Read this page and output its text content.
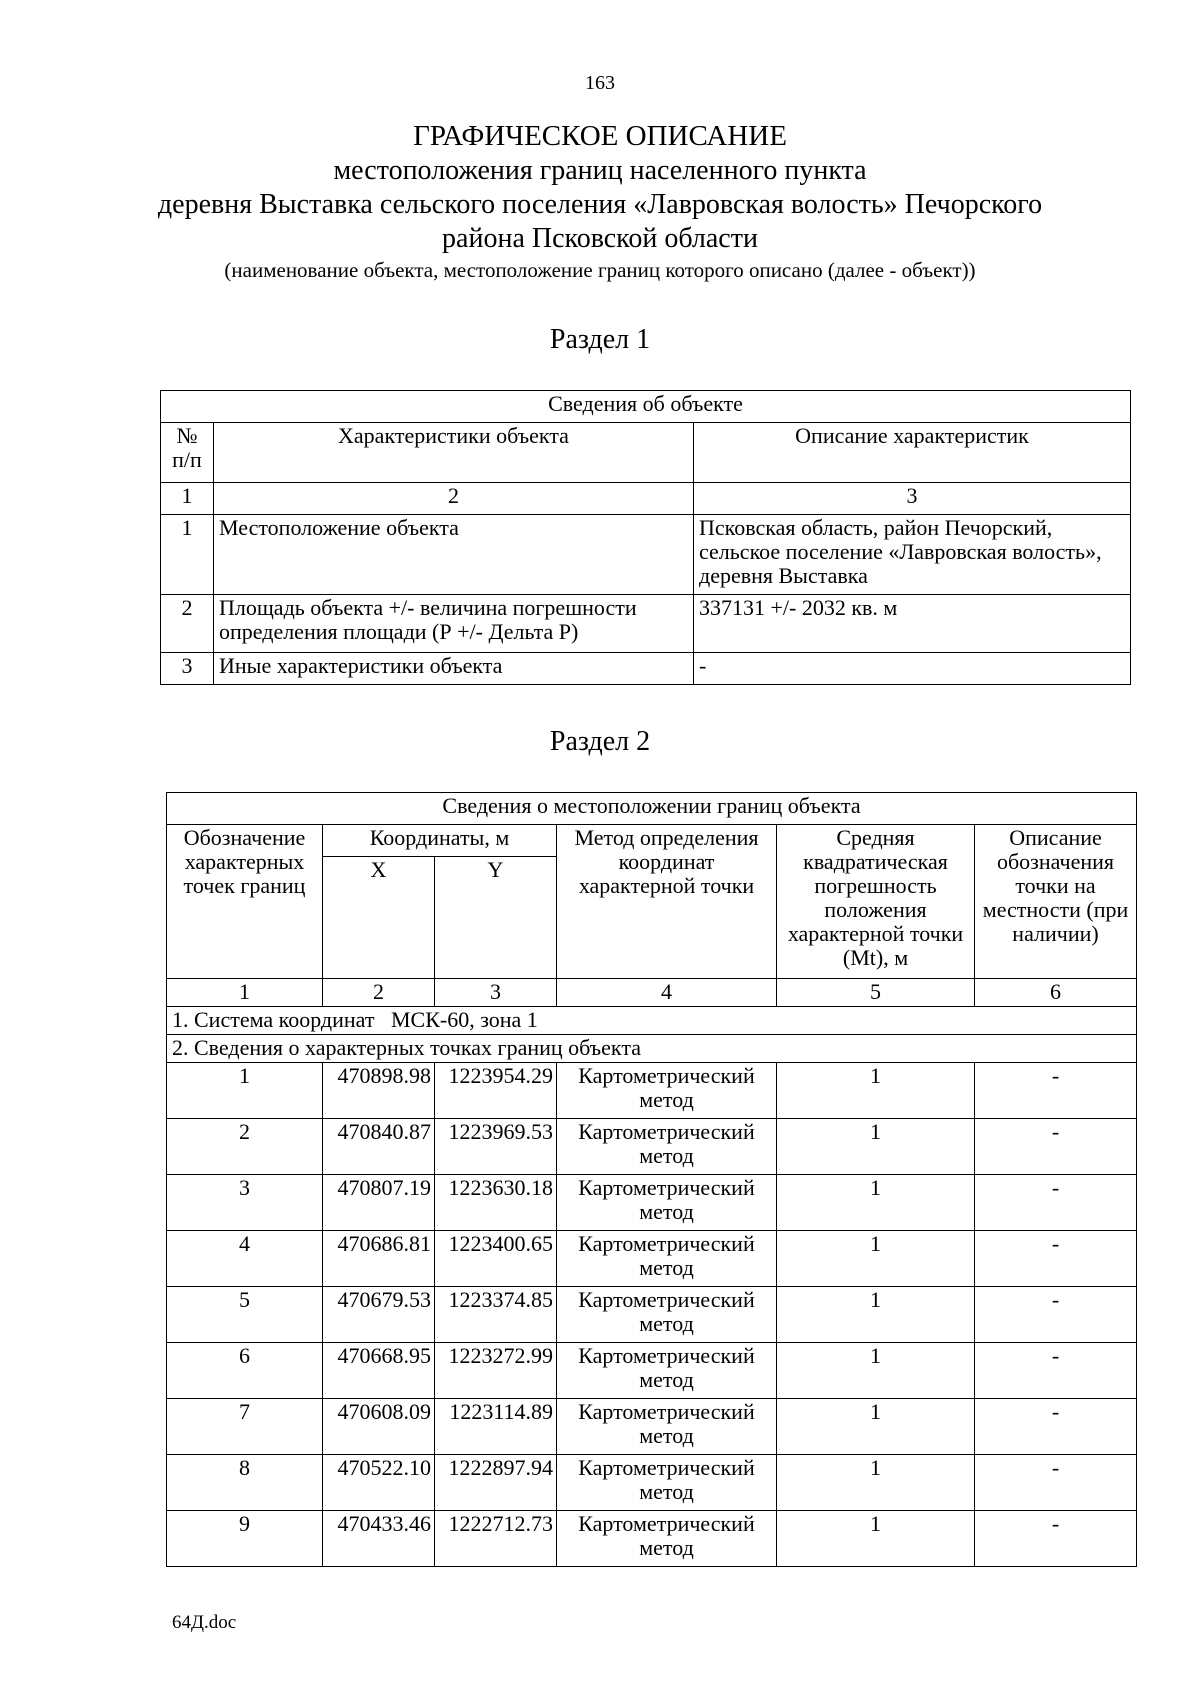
163
ГРАФИЧЕСКОЕ ОПИСАНИЕ
местоположения границ населенного пункта
деревня Выставка сельского поселения «Лавровская волость» Печорского
района Псковской области
(наименование объекта, местоположение границ которого описано (далее - объект))
Раздел 1
Сведения об объекте		
№ п/п	Характеристики объекта	Описание характеристик
1	2	3
1	Местоположение объекта	Псковская область, район Печорский, сельское поселение «Лавровская волость», деревня Выставка
2	Площадь объекта +/- величина погрешности определения площади (Р +/- Дельта Р)	337131 +/- 2032 кв. м
3	Иные характеристики объекта	-
Раздел 2
Сведения о местоположении границ объекта					
Обозначение характерных точек границ	Координаты, м		Метод определения координат характерной точки	Средняя квадратическая погрешность положения характерной точки (Mt), м	Описание обозначения точки на местности (при наличии)
	X	Y			
1	2	3	4	5	6
1. Система координат   МСК-60, зона 1					
2. Сведения о характерных точках границ объекта					
1	470898.98	1223954.29	Картометрический метод	1	-
2	470840.87	1223969.53	Картометрический метод	1	-
3	470807.19	1223630.18	Картометрический метод	1	-
4	470686.81	1223400.65	Картометрический метод	1	-
5	470679.53	1223374.85	Картометрический метод	1	-
6	470668.95	1223272.99	Картометрический метод	1	-
7	470608.09	1223114.89	Картометрический метод	1	-
8	470522.10	1222897.94	Картометрический метод	1	-
9	470433.46	1222712.73	Картометрический метод	1	-
64Д.doc
